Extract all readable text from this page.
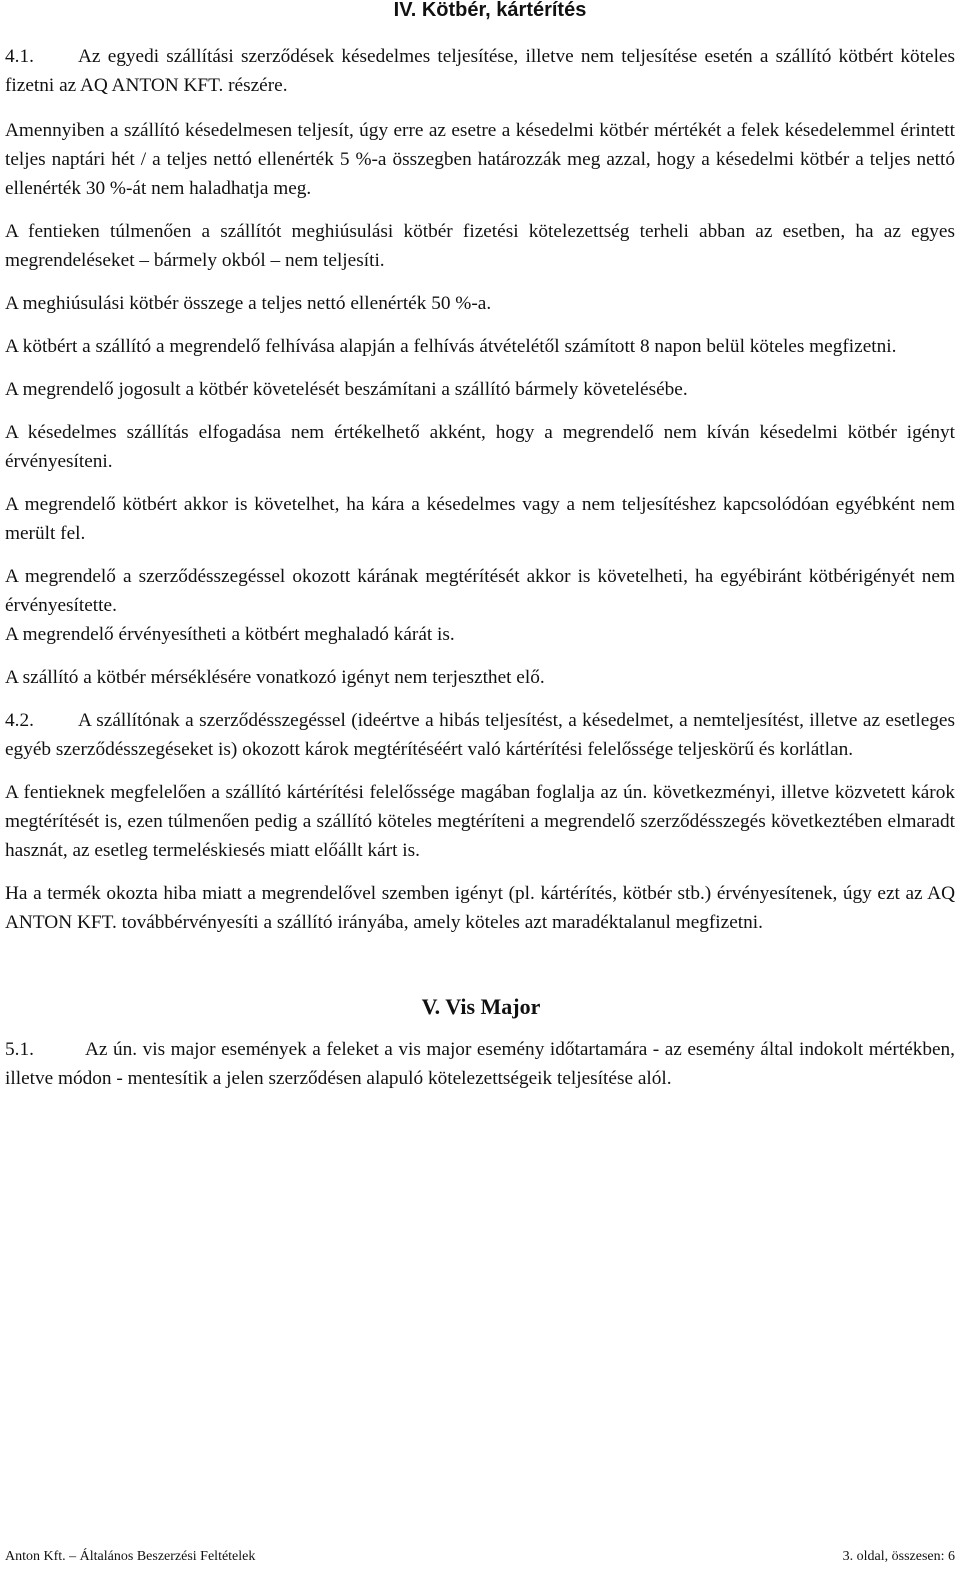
IV. Kötbér, kártérítés

4.1. Az egyedi szállítási szerződések késedelmes teljesítése, illetve nem teljesítése esetén a szállító kötbért köteles fizetni az AQ ANTON KFT. részére.

Amennyiben a szállító késedelmesen teljesít, úgy erre az esetre a késedelmi kötbér mértékét a felek késedelemmel érintett teljes naptári hét / a teljes nettó ellenérték 5 %-a összegben határozzák meg azzal, hogy a késedelmi kötbér a teljes nettó ellenérték 30 %-át nem haladhatja meg.

A fentieken túlmenően a szállítót meghiúsulási kötbér fizetési kötelezettség terheli abban az esetben, ha az egyes megrendeléseket – bármely okból – nem teljesíti.

A meghiúsulási kötbér összege a teljes nettó ellenérték 50 %-a.

A kötbért a szállító a megrendelő felhívása alapján a felhívás átvételétől számított 8 napon belül köteles megfizetni.

A megrendelő jogosult a kötbér követelését beszámítani a szállító bármely követelésébe.

A késedelmes szállítás elfogadása nem értékelhető akként, hogy a megrendelő nem kíván késedelmi kötbér igényt érvényesíteni.

A megrendelő kötbért akkor is követelhet, ha kára a késedelmes vagy a nem teljesítéshez kapcsolódóan egyébként nem merült fel.

A megrendelő a szerződésszegéssel okozott kárának megtérítését akkor is követelheti, ha egyébiránt kötbérigényét nem érvényesítette.

A megrendelő érvényesítheti a kötbért meghaladó kárát is.

A szállító a kötbér mérséklésére vonatkozó igényt nem terjeszthet elő.

4.2. A szállítónak a szerződésszegéssel (ideértve a hibás teljesítést, a késedelmet, a nemteljesítést, illetve az esetleges egyéb szerződésszegéseket is) okozott károk megtérítéséért való kártérítési felelőssége teljeskörű és korlátlan.

A fentieknek megfelelően a szállító kártérítési felelőssége magában foglalja az ún. következményi, illetve közvetett károk megtérítését is, ezen túlmenően pedig a szállító köteles megtéríteni a megrendelő szerződésszegés következtében elmaradt hasznát, az esetleg termeléskiesés miatt előállt kárt is.

Ha a termék okozta hiba miatt a megrendelővel szemben igényt (pl. kártérítés, kötbér stb.) érvényesítenek, úgy ezt az AQ ANTON KFT. továbbérvényesíti a szállító irányába, amely köteles azt maradéktalanul megfizetni.

V. Vis Major

5.1.	Az ún. vis major események a feleket a vis major esemény időtartamára - az esemény által indokolt mértékben, illetve módon - mentesítik a jelen szerződésen alapuló kötelezettségeik teljesítése alól.

Anton Kft. – Általános Beszerzési Feltételek	3. oldal, összesen: 6
